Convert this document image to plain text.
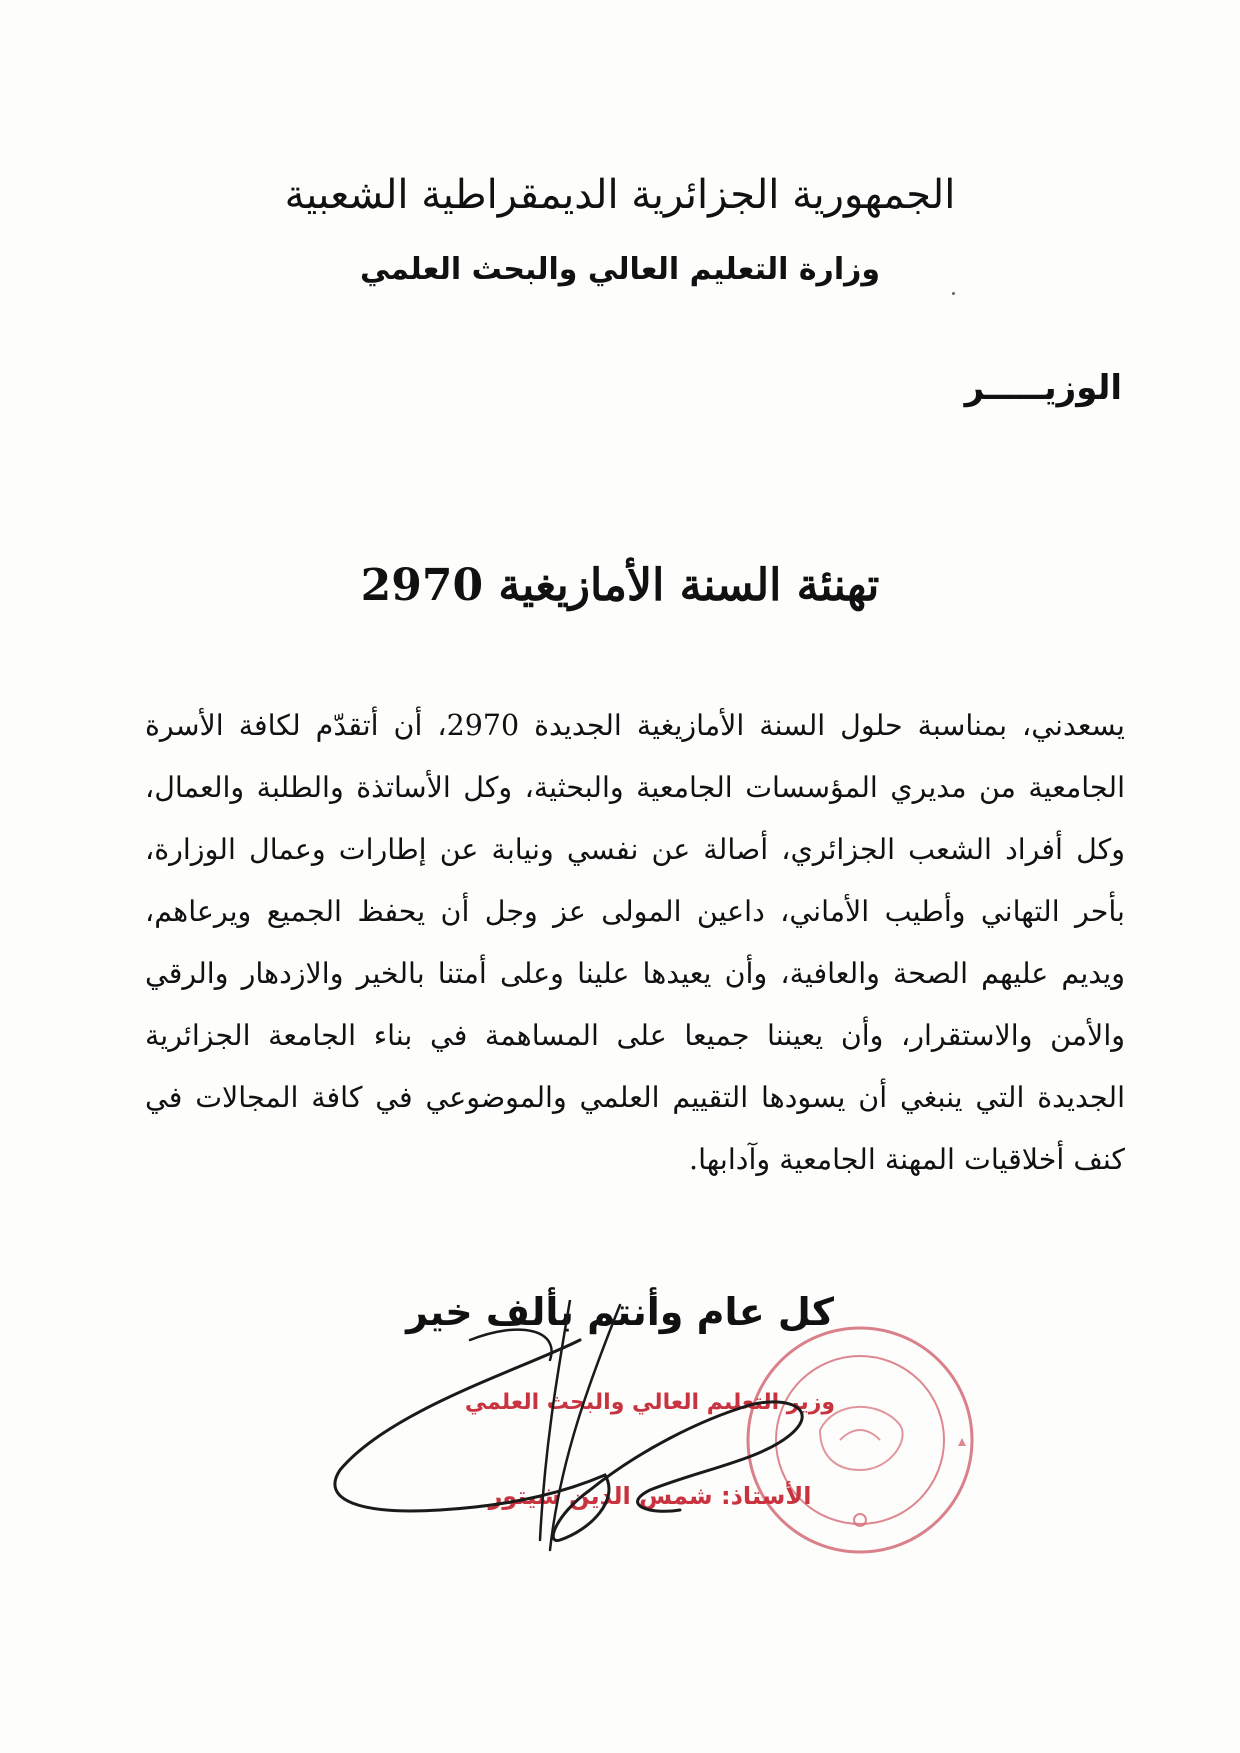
الجمهورية الجزائرية الديمقراطية الشعبية
وزارة التعليم العالي والبحث العلمي
الوزيـــــر
تهنئة السنة الأمازيغية 2970
يسعدني، بمناسبة حلول السنة الأمازيغية الجديدة 2970، أن أتقدّم لكافة الأسرة الجامعية من مديري المؤسسات الجامعية والبحثية، وكل الأساتذة والطلبة والعمال، وكل أفراد الشعب الجزائري، أصالة عن نفسي ونيابة عن إطارات وعمال الوزارة، بأحر التهاني وأطيب الأماني، داعين المولى عز وجل أن يحفظ الجميع ويرعاهم، ويديم عليهم الصحة والعافية، وأن يعيدها علينا وعلى أمتنا بالخير والازدهار والرقي والأمن والاستقرار، وأن يعيننا جميعا على المساهمة في بناء الجامعة الجزائرية الجديدة التي ينبغي أن يسودها التقييم العلمي والموضوعي في كافة المجالات في كنف أخلاقيات المهنة الجامعية وآدابها.
كل عام وأنتم بألف خير
وزير التعليم العالي والبحث العلمي
الأستاذ: شمس الدين شيتور
